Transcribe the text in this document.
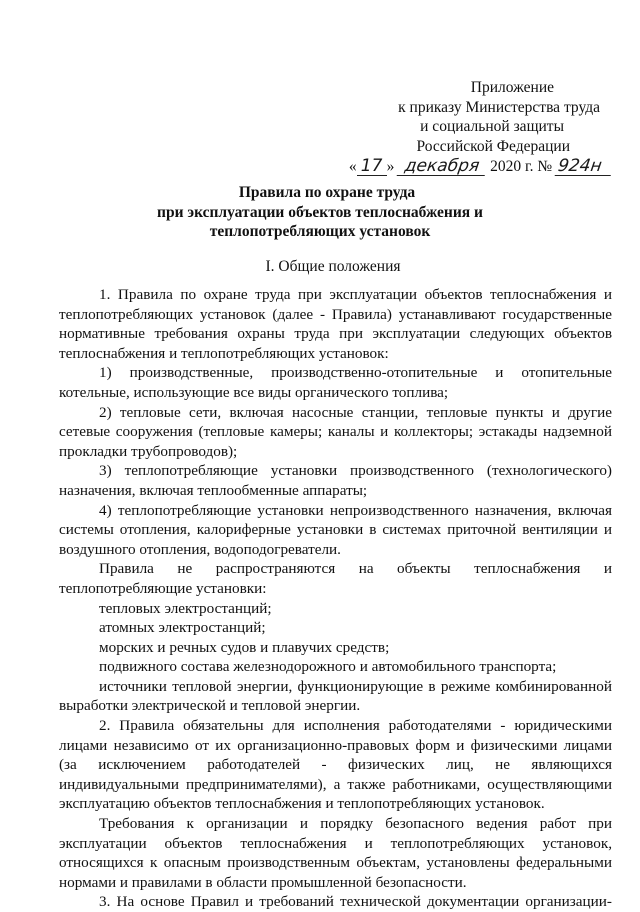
Приложение
к приказу Министерства труда
и социальной защиты
Российской Федерации
« 17 » декабря 2020 г. № 924н
Правила по охране труда
при эксплуатации объектов теплоснабжения и
теплопотребляющих установок
I. Общие положения

1. Правила по охране труда при эксплуатации объектов теплоснабжения и теплопотребляющих установок (далее - Правила) устанавливают государственные нормативные требования охраны труда при эксплуатации следующих объектов теплоснабжения и теплопотребляющих установок:

1) производственные, производственно-отопительные и отопительные котельные, использующие все виды органического топлива;

2) тепловые сети, включая насосные станции, тепловые пункты и другие сетевые сооружения (тепловые камеры; каналы и коллекторы; эстакады надземной прокладки трубопроводов);

3) теплопотребляющие установки производственного (технологического) назначения, включая теплообменные аппараты;

4) теплопотребляющие установки непроизводственного назначения, включая системы отопления, калориферные установки в системах приточной вентиляции и воздушного отопления, водоподогреватели.

Правила не распространяются на объекты теплоснабжения и теплопотребляющие установки:

тепловых электростанций;

атомных электростанций;

морских и речных судов и плавучих средств;

подвижного состава железнодорожного и автомобильного транспорта;

источники тепловой энергии, функционирующие в режиме комбинированной выработки электрической и тепловой энергии.

2. Правила обязательны для исполнения работодателями - юридическими лицами независимо от их организационно-правовых форм и физическими лицами (за исключением работодателей - физических лиц, не являющихся индивидуальными предпринимателями), а также работниками, осуществляющими эксплуатацию объектов теплоснабжения и теплопотребляющих установок.

Требования к организации и порядку безопасного ведения работ при эксплуатации объектов теплоснабжения и теплопотребляющих установок, относящихся к опасным производственным объектам, установлены федеральными нормами и правилами в области промышленной безопасности.

3. На основе Правил и требований технической документации организации-
